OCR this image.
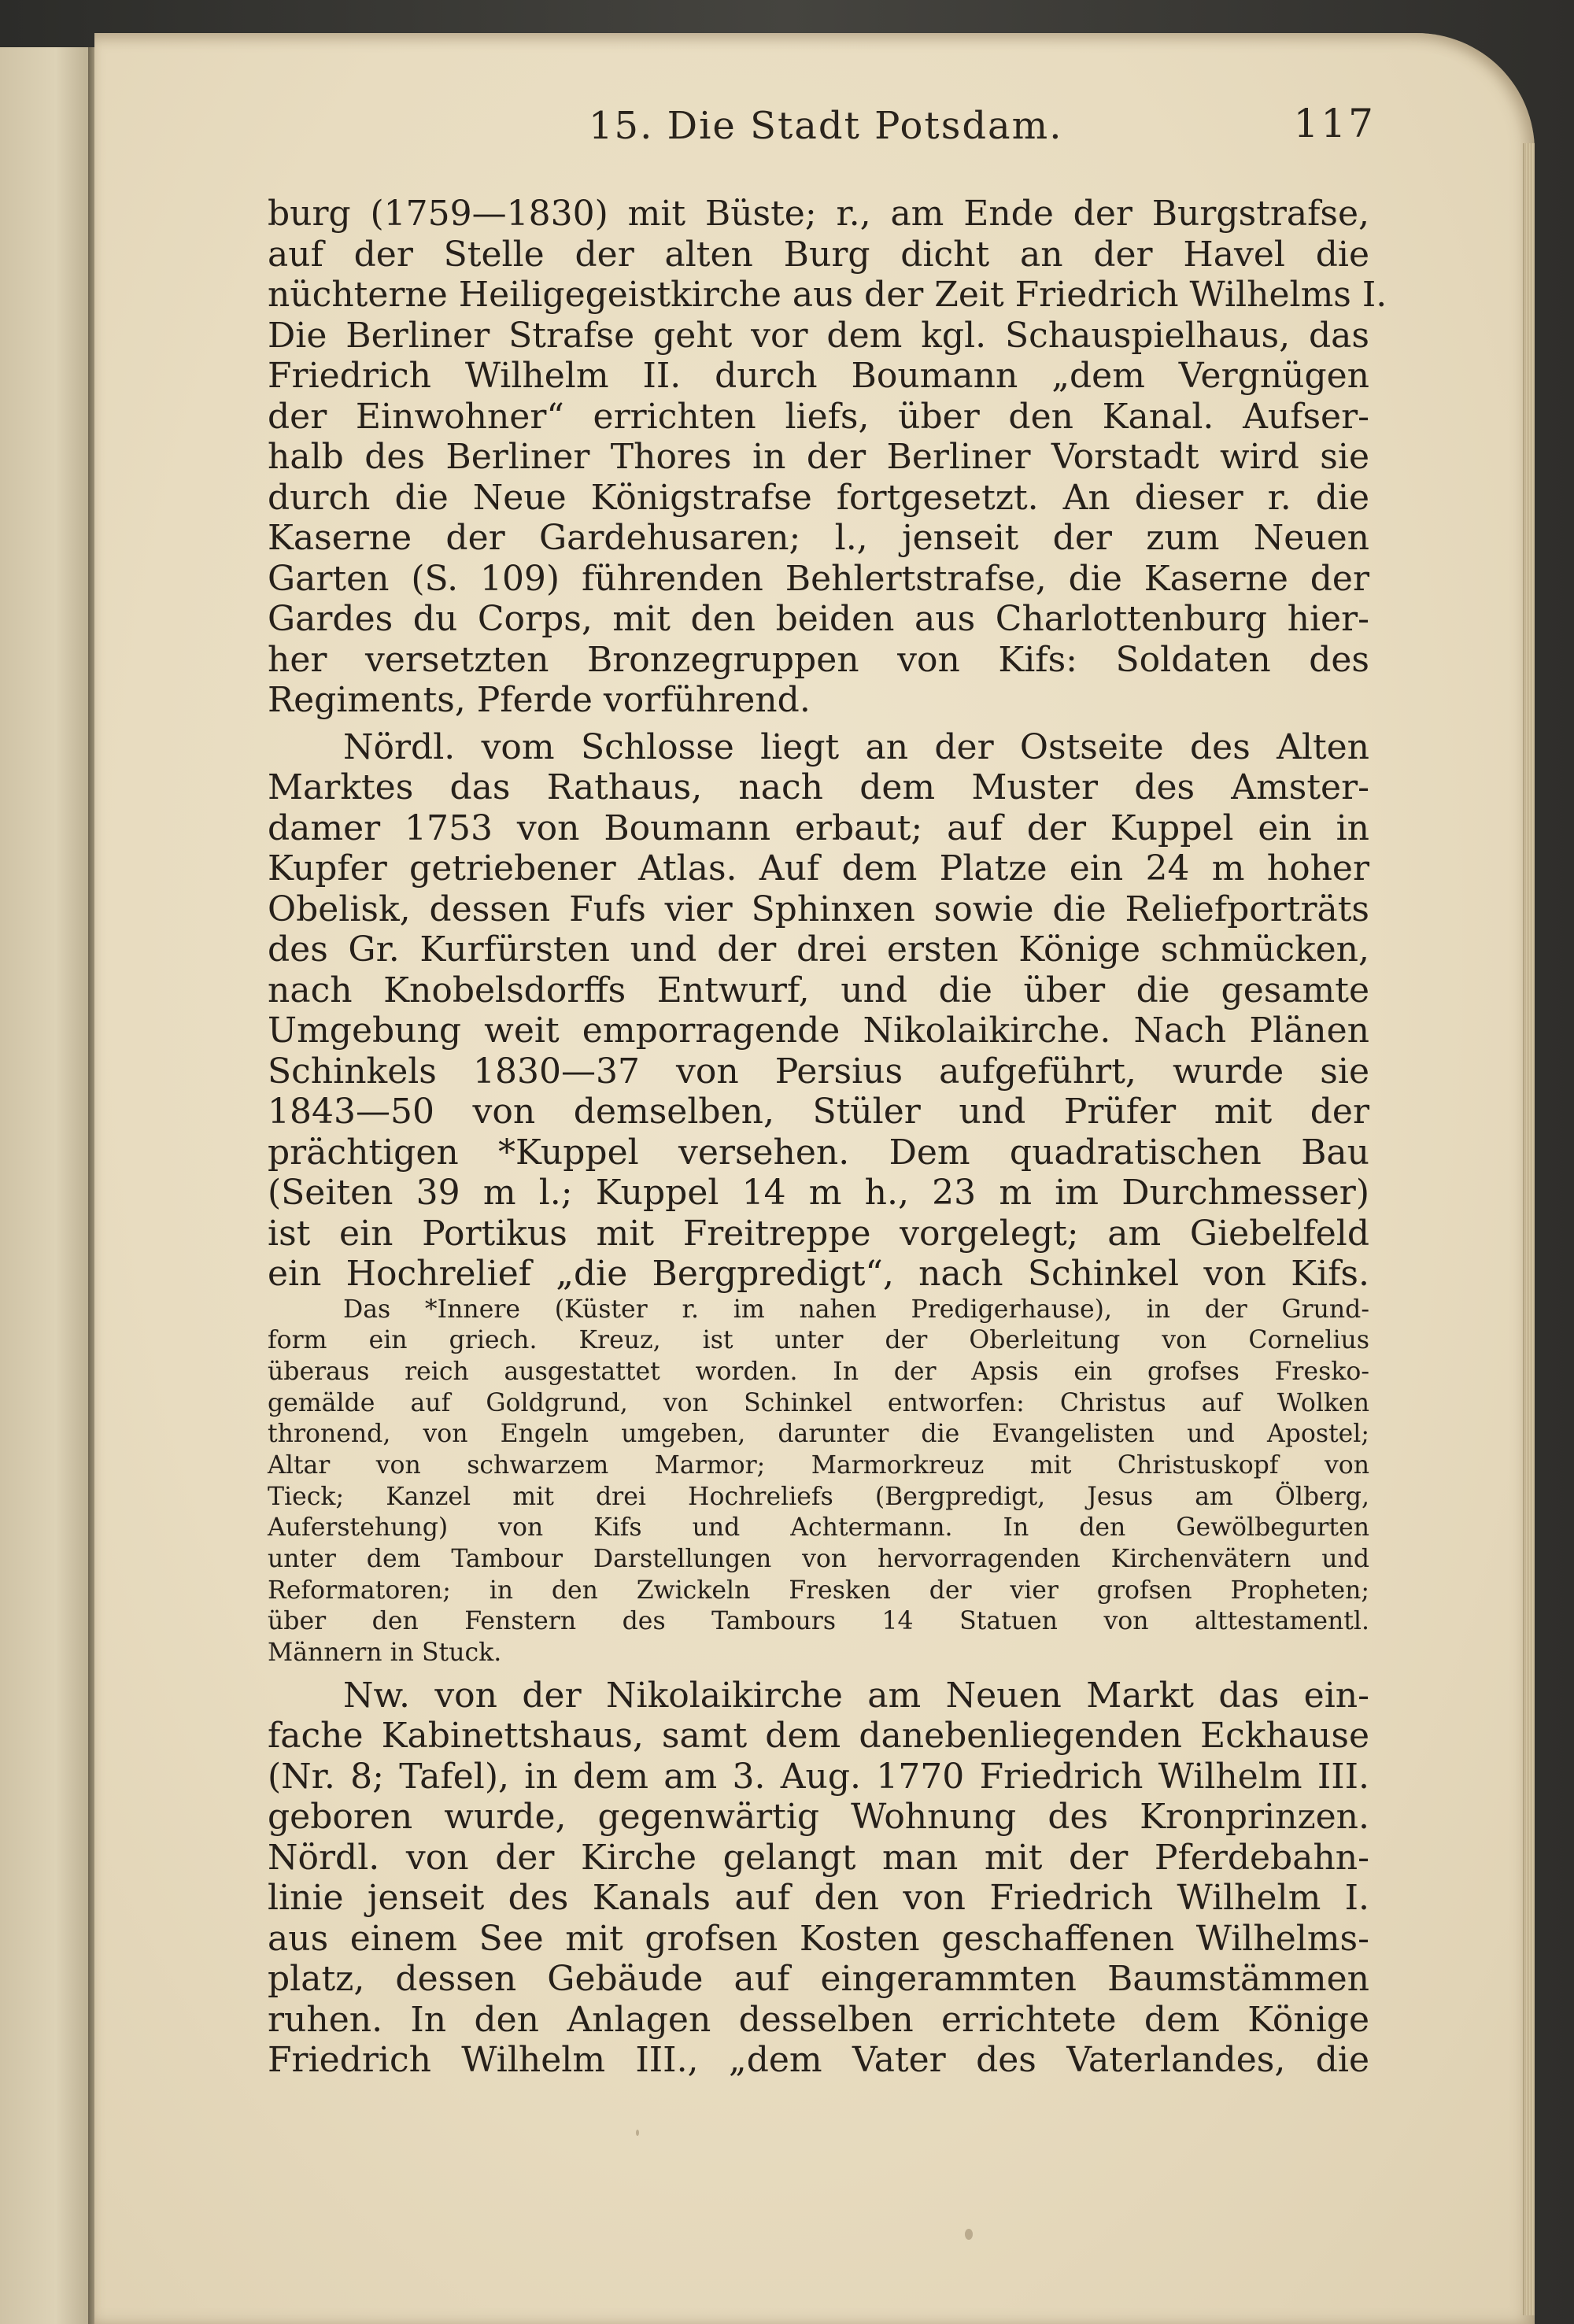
15. Die Stadt Potsdam.	117
burg (1759—1830) mit Büste; r., am Ende der Burgstrafse,
auf der Stelle der alten Burg dicht an der Havel die
nüchterne Heiligegeistkirche aus der Zeit Friedrich Wilhelms I.
Die Berliner Strafse geht vor dem kgl. Schauspielhaus, das
Friedrich Wilhelm II. durch Boumann „dem Vergnügen
der Einwohner“ errichten liefs, über den Kanal. Aufser-
halb des Berliner Thores in der Berliner Vorstadt wird sie
durch die Neue Königstrafse fortgesetzt. An dieser r. die
Kaserne der Gardehusaren; l., jenseit der zum Neuen
Garten (S. 109) führenden Behlertstrafse, die Kaserne der
Gardes du Corps, mit den beiden aus Charlottenburg hier-
her versetzten Bronzegruppen von Kifs: Soldaten des
Regiments, Pferde vorführend.
Nördl. vom Schlosse liegt an der Ostseite des Alten
Marktes das Rathaus, nach dem Muster des Amster-
damer 1753 von Boumann erbaut; auf der Kuppel ein in
Kupfer getriebener Atlas. Auf dem Platze ein 24 m hoher
Obelisk, dessen Fufs vier Sphinxen sowie die Reliefporträts
des Gr. Kurfürsten und der drei ersten Könige schmücken,
nach Knobelsdorffs Entwurf, und die über die gesamte
Umgebung weit emporragende Nikolaikirche. Nach Plänen
Schinkels 1830—37 von Persius aufgeführt, wurde sie
1843—50 von demselben, Stüler und Prüfer mit der
prächtigen *Kuppel versehen. Dem quadratischen Bau
(Seiten 39 m l.; Kuppel 14 m h., 23 m im Durchmesser)
ist ein Portikus mit Freitreppe vorgelegt; am Giebelfeld
ein Hochrelief „die Bergpredigt“, nach Schinkel von Kifs.
Das *Innere (Küster r. im nahen Predigerhause), in der Grund-
form ein griech. Kreuz, ist unter der Oberleitung von Cornelius
überaus reich ausgestattet worden. In der Apsis ein grofses Fresko-
gemälde auf Goldgrund, von Schinkel entworfen: Christus auf Wolken
thronend, von Engeln umgeben, darunter die Evangelisten und Apostel;
Altar von schwarzem Marmor; Marmorkreuz mit Christuskopf von
Tieck; Kanzel mit drei Hochreliefs (Bergpredigt, Jesus am Ölberg,
Auferstehung) von Kifs und Achtermann. In den Gewölbegurten
unter dem Tambour Darstellungen von hervorragenden Kirchenvätern und
Reformatoren; in den Zwickeln Fresken der vier grofsen Propheten;
über den Fenstern des Tambours 14 Statuen von alttestamentl.
Männern in Stuck.
Nw. von der Nikolaikirche am Neuen Markt das ein-
fache Kabinettshaus, samt dem danebenliegenden Eckhause
(Nr. 8; Tafel), in dem am 3. Aug. 1770 Friedrich Wilhelm III.
geboren wurde, gegenwärtig Wohnung des Kronprinzen.
Nördl. von der Kirche gelangt man mit der Pferdebahn-
linie jenseit des Kanals auf den von Friedrich Wilhelm I.
aus einem See mit grofsen Kosten geschaffenen Wilhelms-
platz, dessen Gebäude auf eingerammten Baumstämmen
ruhen. In den Anlagen desselben errichtete dem Könige
Friedrich Wilhelm III., „dem Vater des Vaterlandes, die
